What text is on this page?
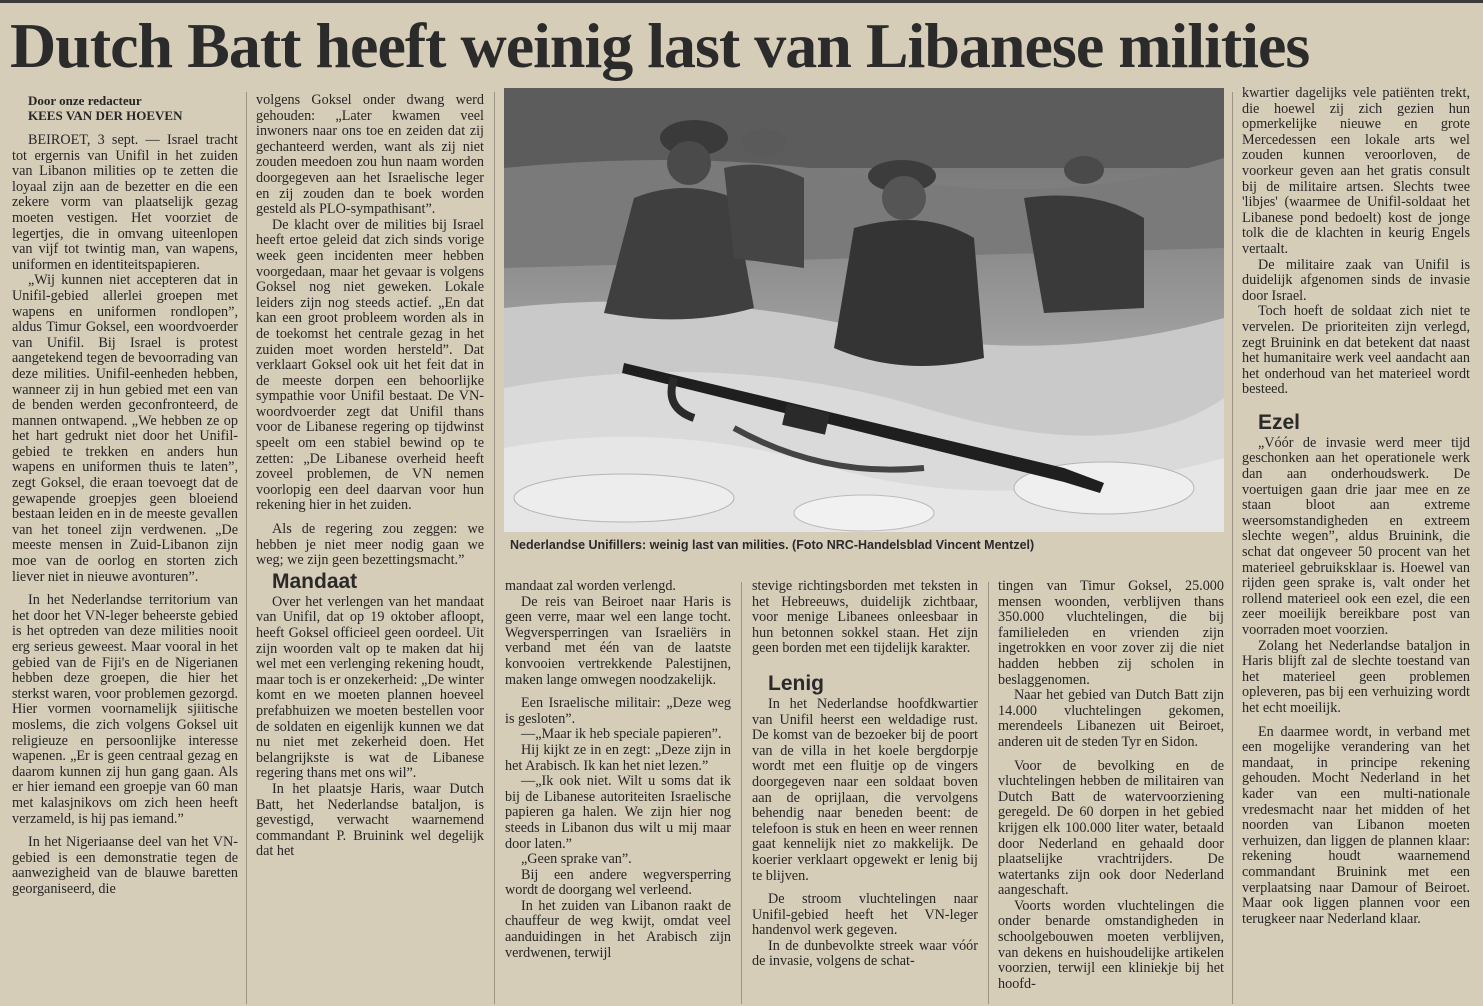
Dutch Batt heeft weinig last van Libanese milities

Door onze redacteur

KEES VAN DER HOEVEN

BEIROET, 3 sept. — Israel tracht tot ergernis van Unifil in het zuiden van Libanon milities op te zetten die loyaal zijn aan de bezetter en die een zekere vorm van plaatselijk gezag moeten vestigen. Het voorziet de legertjes, die in omvang uiteenlopen van vijf tot twintig man, van wapens, uniformen en identiteitspapieren.

„Wij kunnen niet accepteren dat in Unifil-gebied allerlei groepen met wapens en uniformen rondlopen”, aldus Timur Goksel, een woordvoerder van Unifil. Bij Israel is protest aangetekend tegen de bevoorrading van deze milities. Unifil-eenheden hebben, wanneer zij in hun gebied met een van de benden werden geconfronteerd, de mannen ontwapend. „We hebben ze op het hart gedrukt niet door het Unifil-gebied te trekken en anders hun wapens en uniformen thuis te laten”, zegt Goksel, die eraan toevoegt dat de gewapende groepjes geen bloeiend bestaan leiden en in de meeste gevallen van het toneel zijn verdwenen. „De meeste mensen in Zuid-Libanon zijn moe van de oorlog en storten zich liever niet in nieuwe avonturen”.

In het Nederlandse territorium van het door het VN-leger beheerste gebied is het optreden van deze milities nooit erg serieus geweest. Maar vooral in het gebied van de Fiji's en de Nigerianen hebben deze groepen, die hier het sterkst waren, voor problemen gezorgd. Hier vormen voornamelijk sjiitische moslems, die zich volgens Goksel uit religieuze en persoonlijke interesse wapenen. „Er is geen centraal gezag en daarom kunnen zij hun gang gaan. Als er hier iemand een groepje van 60 man met kalasjnikovs om zich heen heeft verzameld, is hij pas iemand.”

In het Nigeriaanse deel van het VN-gebied is een demonstratie tegen de aanwezigheid van de blauwe baretten georganiseerd, die

volgens Goksel onder dwang werd gehouden: „Later kwamen veel inwoners naar ons toe en zeiden dat zij gechanteerd werden, want als zij niet zouden meedoen zou hun naam worden doorgegeven aan het Israelische leger en zij zouden dan te boek worden gesteld als PLO-sympathisant”.

De klacht over de milities bij Israel heeft ertoe geleid dat zich sinds vorige week geen incidenten meer hebben voorgedaan, maar het gevaar is volgens Goksel nog niet geweken. Lokale leiders zijn nog steeds actief. „En dat kan een groot probleem worden als in de toekomst het centrale gezag in het zuiden moet worden hersteld”. Dat verklaart Goksel ook uit het feit dat in de meeste dorpen een behoorlijke sympathie voor Unifil bestaat. De VN-woordvoerder zegt dat Unifil thans voor de Libanese regering op tijdwinst speelt om een stabiel bewind op te zetten: „De Libanese overheid heeft zoveel problemen, de VN nemen voorlopig een deel daarvan voor hun rekening hier in het zuiden.

Als de regering zou zeggen: we hebben je niet meer nodig gaan we weg; we zijn geen bezettingsmacht.”

Mandaat

Over het verlengen van het mandaat van Unifil, dat op 19 oktober afloopt, heeft Goksel officieel geen oordeel. Uit zijn woorden valt op te maken dat hij wel met een verlenging rekening houdt, maar toch is er onzekerheid: „De winter komt en we moeten plannen hoeveel prefabhuizen we moeten bestellen voor de soldaten en eigenlijk kunnen we dat nu niet met zekerheid doen. Het belangrijkste is wat de Libanese regering thans met ons wil”.

In het plaatsje Haris, waar Dutch Batt, het Nederlandse bataljon, is gevestigd, verwacht waarnemend commandant P. Bruinink wel degelijk dat het

Nederlandse Unifillers: weinig last van milities. (Foto NRC-Handelsblad Vincent Mentzel)

mandaat zal worden verlengd.

De reis van Beiroet naar Haris is geen verre, maar wel een lange tocht. Wegversperringen van Israeliërs in verband met één van de laatste konvooien vertrekkende Palestijnen, maken lange omwegen noodzakelijk.

Een Israelische militair: „Deze weg is gesloten”.

—„Maar ik heb speciale papieren”.

Hij kijkt ze in en zegt: „Deze zijn in het Arabisch. Ik kan het niet lezen.”

—„Ik ook niet. Wilt u soms dat ik bij de Libanese autoriteiten Israelische papieren ga halen. We zijn hier nog steeds in Libanon dus wilt u mij maar door laten.”

„Geen sprake van”.

Bij een andere wegversperring wordt de doorgang wel verleend.

In het zuiden van Libanon raakt de chauffeur de weg kwijt, omdat veel aanduidingen in het Arabisch zijn verdwenen, terwijl

stevige richtingsborden met teksten in het Hebreeuws, duidelijk zichtbaar, voor menige Libanees onleesbaar in hun betonnen sokkel staan. Het zijn geen borden met een tijdelijk karakter.

Lenig

In het Nederlandse hoofdkwartier van Unifil heerst een weldadige rust. De komst van de bezoeker bij de poort van de villa in het koele bergdorpje wordt met een fluitje op de vingers doorgegeven naar een soldaat boven aan de oprijlaan, die vervolgens behendig naar beneden beent: de telefoon is stuk en heen en weer rennen gaat kennelijk niet zo makkelijk. De koerier verklaart opgewekt er lenig bij te blijven.

De stroom vluchtelingen naar Unifil-gebied heeft het VN-leger handenvol werk gegeven.

In de dunbevolkte streek waar vóór de invasie, volgens de schat-

tingen van Timur Goksel, 25.000 mensen woonden, verblijven thans 350.000 vluchtelingen, die bij familieleden en vrienden zijn ingetrokken en voor zover zij die niet hadden hebben zij scholen in beslaggenomen.

Naar het gebied van Dutch Batt zijn 14.000 vluchtelingen gekomen, merendeels Libanezen uit Beiroet, anderen uit de steden Tyr en Sidon.

Voor de bevolking en de vluchtelingen hebben de militairen van Dutch Batt de watervoorziening geregeld. De 60 dorpen in het gebied krijgen elk 100.000 liter water, betaald door Nederland en gehaald door plaatselijke vrachtrijders. De watertanks zijn ook door Nederland aangeschaft.

Voorts worden vluchtelingen die onder benarde omstandigheden in schoolgebouwen moeten verblijven, van dekens en huishoudelijke artikelen voorzien, terwijl een kliniekje bij het hoofd-

kwartier dagelijks vele patiënten trekt, die hoewel zij zich gezien hun opmerkelijke nieuwe en grote Mercedessen een lokale arts wel zouden kunnen veroorloven, de voorkeur geven aan het gratis consult bij de militaire artsen. Slechts twee 'libjes' (waarmee de Unifil-soldaat het Libanese pond bedoelt) kost de jonge tolk die de klachten in keurig Engels vertaalt.

De militaire zaak van Unifil is duidelijk afgenomen sinds de invasie door Israel.

Toch hoeft de soldaat zich niet te vervelen. De prioriteiten zijn verlegd, zegt Bruinink en dat betekent dat naast het humanitaire werk veel aandacht aan het onderhoud van het materieel wordt besteed.

Ezel

„Vóór de invasie werd meer tijd geschonken aan het operationele werk dan aan onderhoudswerk. De voertuigen gaan drie jaar mee en ze staan bloot aan extreme weersomstandigheden en extreem slechte wegen”, aldus Bruinink, die schat dat ongeveer 50 procent van het materieel gebruiksklaar is. Hoewel van rijden geen sprake is, valt onder het rollend materieel ook een ezel, die een zeer moeilijk bereikbare post van voorraden moet voorzien.

Zolang het Nederlandse bataljon in Haris blijft zal de slechte toestand van het materieel geen problemen opleveren, pas bij een verhuizing wordt het echt moeilijk.

En daarmee wordt, in verband met een mogelijke verandering van het mandaat, in principe rekening gehouden. Mocht Nederland in het kader van een multi-nationale vredesmacht naar het midden of het noorden van Libanon moeten verhuizen, dan liggen de plannen klaar: rekening houdt waarnemend commandant Bruinink met een verplaatsing naar Damour of Beiroet. Maar ook liggen plannen voor een terugkeer naar Nederland klaar.
